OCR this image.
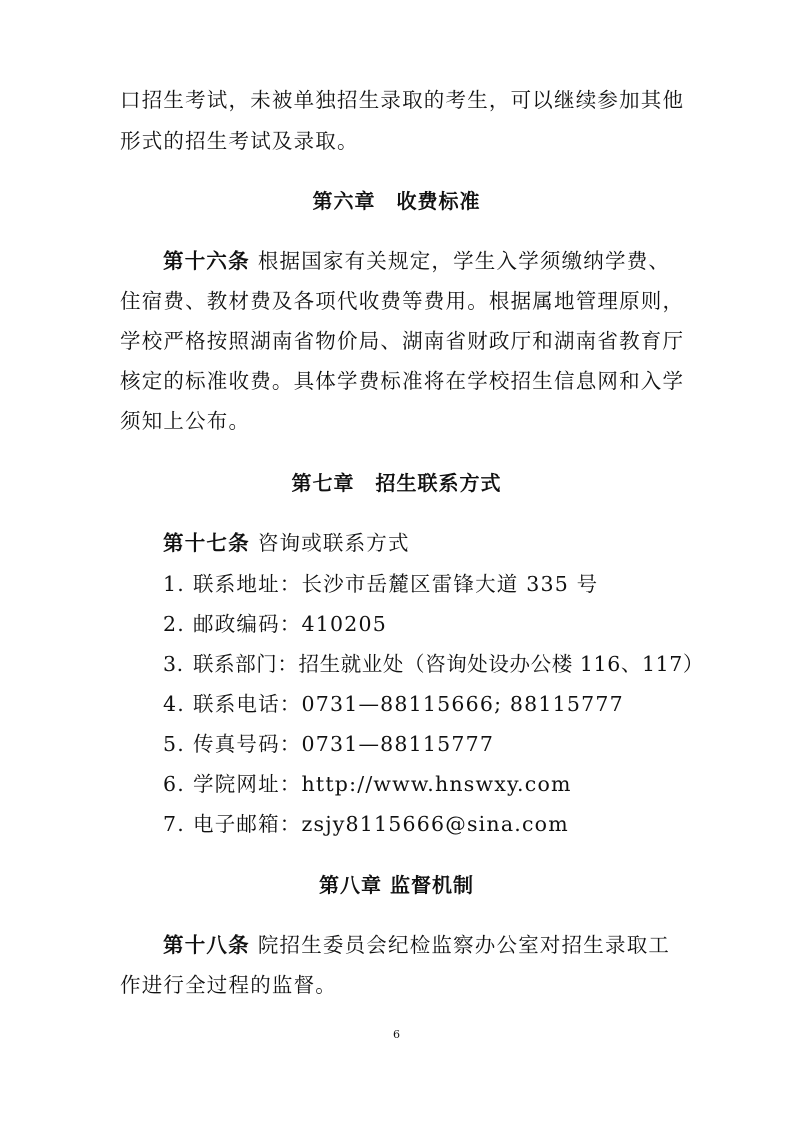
口招生考试，未被单独招生录取的考生，可以继续参加其他
形式的招生考试及录取。
第六章　收费标准
第十六条 根据国家有关规定，学生入学须缴纳学费、
住宿费、教材费及各项代收费等费用。根据属地管理原则，
学校严格按照湖南省物价局、湖南省财政厅和湖南省教育厅
核定的标准收费。具体学费标准将在学校招生信息网和入学
须知上公布。
第七章　招生联系方式
第十七条 咨询或联系方式
1. 联系地址：长沙市岳麓区雷锋大道 335 号
2. 邮政编码：410205
3. 联系部门：招生就业处（咨询处设办公楼 116、117）
4. 联系电话：0731—88115666; 88115777
5. 传真号码：0731—88115777
6. 学院网址：http://www.hnswxy.com
7. 电子邮箱：zsjy8115666@sina.com
第八章 监督机制
第十八条 院招生委员会纪检监察办公室对招生录取工
作进行全过程的监督。
6
